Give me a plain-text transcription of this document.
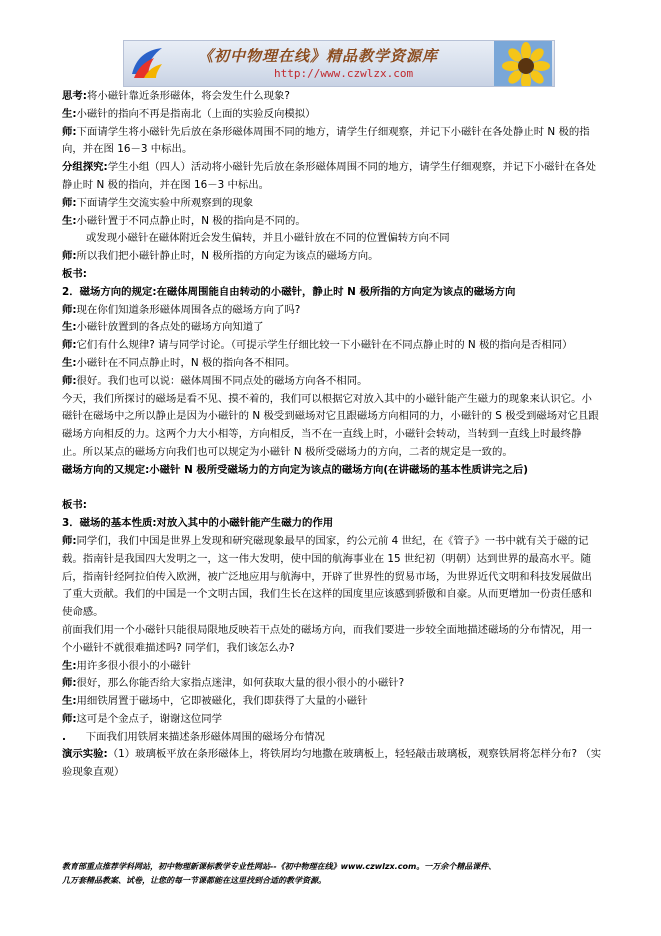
《初中物理在线》精品教学资源库
http://www.czwlzx.com

思考:将小磁针靠近条形磁体，将会发生什么现象?

生:小磁针的指向不再是指南北（上面的实验反向模拟）

师:下面请学生将小磁针先后放在条形磁体周围不同的地方，请学生仔细观察，并记下小磁针在各处静止时 N 极的指向，并在图 16－3 中标出。

分组探究:学生小组（四人）活动将小磁针先后放在条形磁体周围不同的地方，请学生仔细观察，并记下小磁针在各处静止时 N 极的指向，并在图 16－3 中标出。

师:下面请学生交流实验中所观察到的现象

生:小磁针置于不同点静止时，N 极的指向是不同的。

或发现小磁针在磁体附近会发生偏转，并且小磁针放在不同的位置偏转方向不同

师:所以我们把小磁针静止时，N 极所指的方向定为该点的磁场方向。

板书:

2．磁场方向的规定:在磁体周围能自由转动的小磁针，静止时 N 极所指的方向定为该点的磁场方向

师:现在你们知道条形磁体周围各点的磁场方向了吗?

生:小磁针放置到的各点处的磁场方向知道了

师:它们有什么规律? 请与同学讨论。（可提示学生仔细比较一下小磁针在不同点静止时的 N 极的指向是否相同）

生:小磁针在不同点静止时，N 极的指向各不相同。

师:很好。我们也可以说：磁体周围不同点处的磁场方向各不相同。

今天，我们所探讨的磁场是看不见、摸不着的，我们可以根据它对放入其中的小磁针能产生磁力的现象来认识它。小磁针在磁场中之所以静止是因为小磁针的 N 极受到磁场对它且跟磁场方向相同的力，小磁针的 S 极受到磁场对它且跟磁场方向相反的力。这两个力大小相等，方向相反，当不在一直线上时，小磁针会转动，当转到一直线上时最终静止。所以某点的磁场方向我们也可以规定为小磁针 N 极所受磁场力的方向，二者的规定是一致的。

磁场方向的又规定:小磁针 N 极所受磁场力的方向定为该点的磁场方向(在讲磁场的基本性质讲完之后)

板书:

3．磁场的基本性质:对放入其中的小磁针能产生磁力的作用

师:同学们，我们中国是世界上发现和研究磁现象最早的国家，约公元前 4 世纪，在《管子》一书中就有关于磁的记载。指南针是我国四大发明之一，这一伟大发明，使中国的航海事业在 15 世纪初（明朝）达到世界的最高水平。随后，指南针经阿拉伯传入欧洲，被广泛地应用与航海中，开辟了世界性的贸易市场，为世界近代文明和科技发展做出了重大贡献。我们的中国是一个文明古国，我们生长在这样的国度里应该感到骄傲和自豪。从而更增加一份责任感和使命感。

前面我们用一个小磁针只能很局限地反映若干点处的磁场方向，而我们要进一步较全面地描述磁场的分布情况，用一个小磁针不就很难描述吗? 同学们，我们该怎么办?

生:用许多很小很小的小磁针

师:很好，那么你能否给大家指点迷津，如何获取大量的很小很小的小磁针?

生:用细铁屑置于磁场中，它即被磁化，我们即获得了大量的小磁针

师:这可是个金点子，谢谢这位同学

. 下面我们用铁屑来描述条形磁体周围的磁场分布情况

演示实验:（1）玻璃板平放在条形磁体上，将铁屑均匀地撒在玻璃板上，轻轻敲击玻璃板，观察铁屑将怎样分布? （实验现象直观）

教育部重点推荐学科网站，初中物理新课标教学专业性网站--《初中物理在线》www.czwlzx.com。一万余个精品课件、
几万套精品教案、试卷，让您的每一节课都能在这里找到合适的教学资源。
